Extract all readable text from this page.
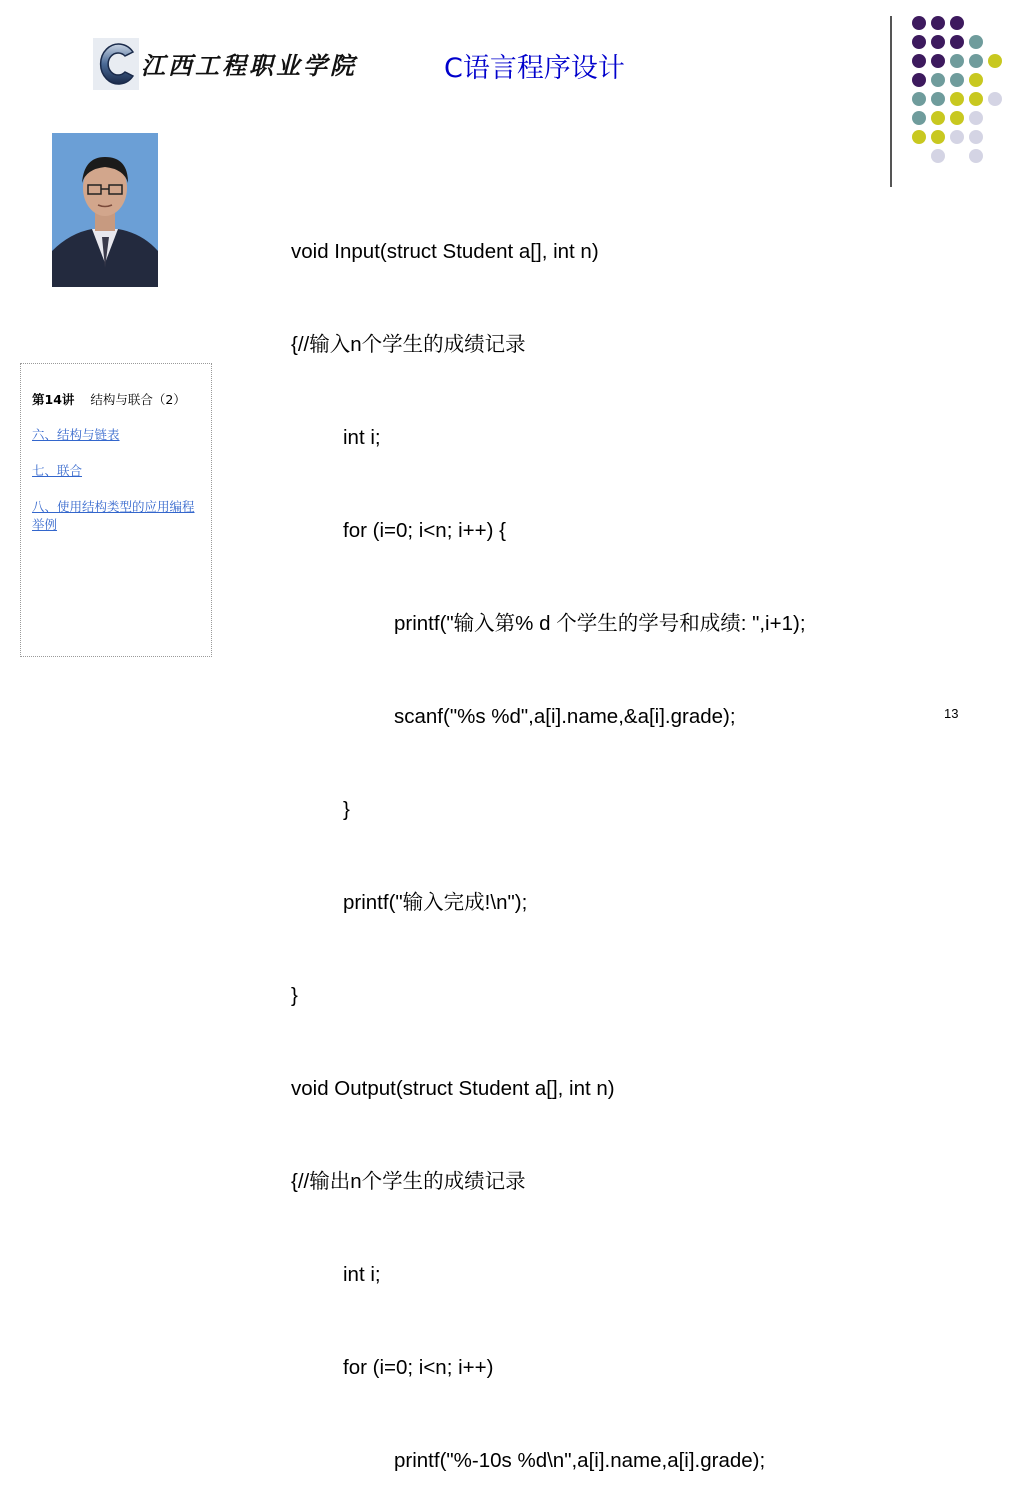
江西工程职业学院	C语言程序设计
第14讲 结构与联合（2）
六、结构与链表
七、联合
八、使用结构类型的应用编程举例

void Input(struct Student a[], int n)

{//输入n个学生的成绩记录

int i;

for (i=0; i<n; i++) {

printf("输入第% d 个学生的学号和成绩: ",i+1);

scanf("%s %d",a[i].name,&a[i].grade);

}

printf("输入完成!\n");

}

void Output(struct Student a[], int n)

{//输出n个学生的成绩记录

int i;

for (i=0; i<n; i++)

printf("%-10s %d\n",a[i].name,a[i].grade);

13
